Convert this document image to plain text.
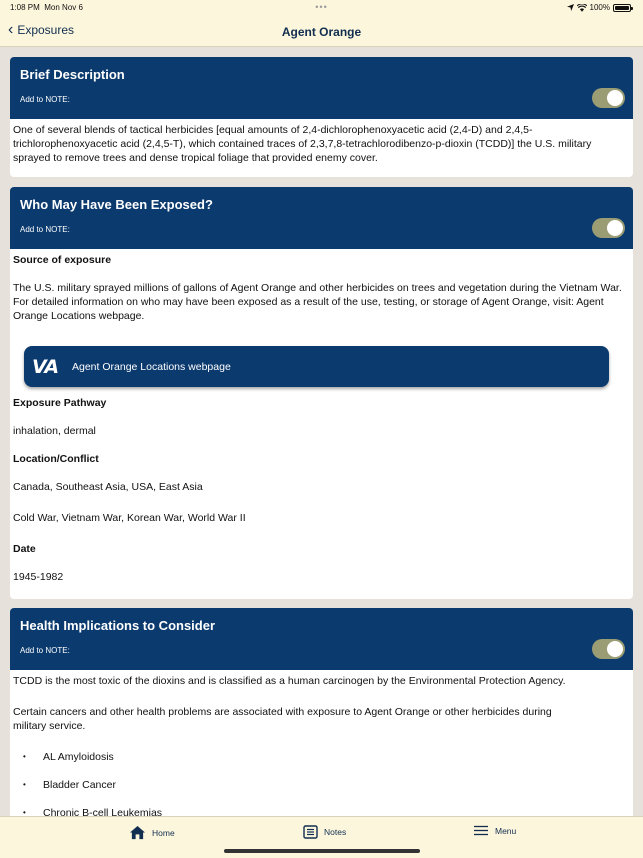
1:08 PM Mon Nov 6	•••	100%
‹ Exposures	Agent Orange
Brief Description
Add to NOTE:

One of several blends of tactical herbicides [equal amounts of 2,4-dichlorophenoxyacetic acid (2,4-D) and 2,4,5-trichlorophenoxyacetic acid (2,4,5-T), which contained traces of 2,3,7,8-tetrachlorodibenzo-p-dioxin (TCDD)] the U.S. military sprayed to remove trees and dense tropical foliage that provided enemy cover.

Who May Have Been Exposed?
Add to NOTE:

Source of exposure

The U.S. military sprayed millions of gallons of Agent Orange and other herbicides on trees and vegetation during the Vietnam War. For detailed information on who may have been exposed as a result of the use, testing, or storage of Agent Orange, visit: Agent Orange Locations webpage.

VA Agent Orange Locations webpage

Exposure Pathway

inhalation, dermal

Location/Conflict

Canada, Southeast Asia, USA, East Asia

Cold War, Vietnam War, Korean War, World War II

Date

1945-1982

Health Implications to Consider
Add to NOTE:

TCDD is the most toxic of the dioxins and is classified as a human carcinogen by the Environmental Protection Agency.

Certain cancers and other health problems are associated with exposure to Agent Orange or other herbicides during military service.

• AL Amyloidosis
• Bladder Cancer
• Chronic B-cell Leukemias
Home	Notes	Menu
